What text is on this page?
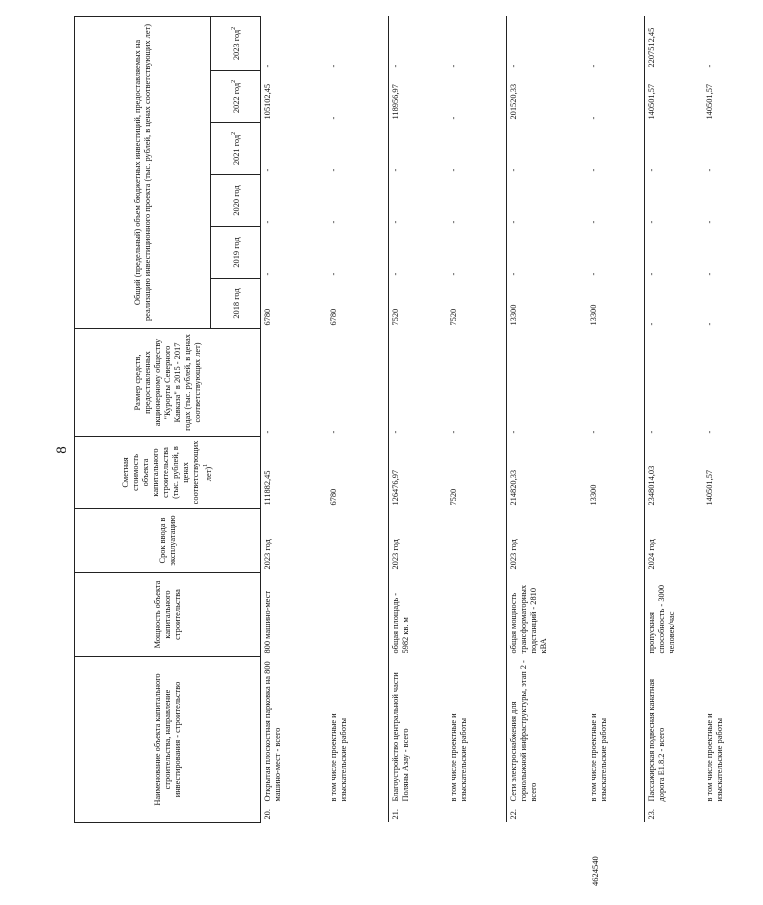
8
Наименование объекта капитального строительства, направление инвестирования - строительство		Мощность объекта капитального строительства	Срок ввода в эксплуатацию	Сметная стоимость объекта капитального строительства (тыс. рублей, в ценах соответствующих лет)$^1$	Размер средств, предоставленных акционерному обществу "Курорты Северного Кавказа" в 2015 - 2017 годах (тыс. рублей, в ценах соответствующих лет)	Общий (предельный) объем бюджетных инвестиций, предоставляемых на реализацию инвестиционного проекта (тыс. рублей, в ценах соответствующих лет)					
						2018 год	2019 год	2020 год	2021 год$^2$	2022 год$^2$	2023 год$^2$
20.	Открытая плоскостная парковка на 800 машино-мест - всего	800 машино-мест	2023 год	111882,45	-	6780	-	-	-	105102,45	-
	в том числе проектные и изыскательские работы			6780	-	6780	-	-	-	-	-
21.	Благоустройство центральной части Поляны Азау - всего	общая площадь - 5982 кв. м	2023 год	126476,97	-	7520	-	-	-	118956,97	-
	в том числе проектные и изыскательские работы			7520	-	7520	-	-	-	-	-
22.	Сети электроснабжения для горнолыжной инфраструктуры, этап 2 - всего	общая мощность трансформаторных подстанций - 2810 кВА	2023 год	214820,33	-	13300	-	-	-	201520,33	-
	в том числе проектные и изыскательские работы			13300	-	13300	-	-	-	-	-
23.	Пассажирская подвесная канатная дорога Е1.8.2 - всего	пропускная способность - 3000 человек/час	2024 год	2348014,03	-	-	-	-	-	140501,57	2207512,45
	в том числе проектные и изыскательские работы			140501,57	-	-	-	-	-	140501,57	-
4624540
